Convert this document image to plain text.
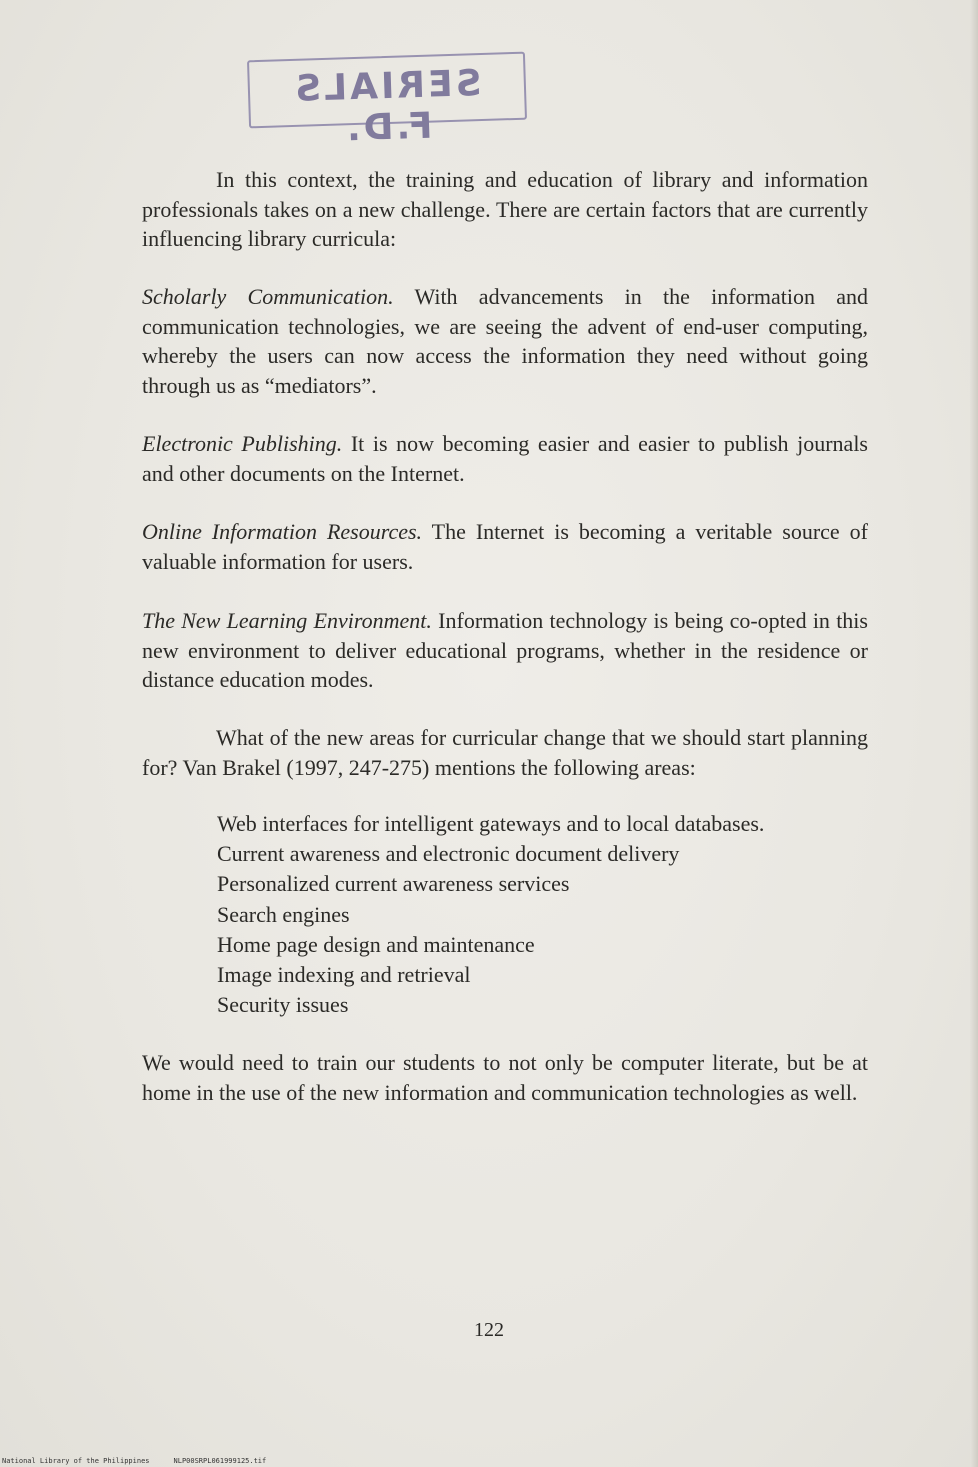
SERIALS F.D.

In this context, the training and education of library and information professionals takes on a new challenge. There are certain factors that are currently influencing library curricula:

Scholarly Communication. With advancements in the information and communication technologies, we are seeing the advent of end-user computing, whereby the users can now access the information they need without going through us as “mediators”.

Electronic Publishing. It is now becoming easier and easier to publish journals and other documents on the Internet.

Online Information Resources. The Internet is becoming a veritable source of valuable information for users.

The New Learning Environment. Information technology is being co-opted in this new environment to deliver educational programs, whether in the residence or distance education modes.

What of the new areas for curricular change that we should start planning for? Van Brakel (1997, 247-275) mentions the following areas:

Web interfaces for intelligent gateways and to local databases.
Current awareness and electronic document delivery
Personalized current awareness services
Search engines
Home page design and maintenance
Image indexing and retrieval
Security issues

We would need to train our students to not only be computer literate, but be at home in the use of the new information and communication technologies as well.

122
National Library of the Philippines	NLP00SRPL061999125.tif
